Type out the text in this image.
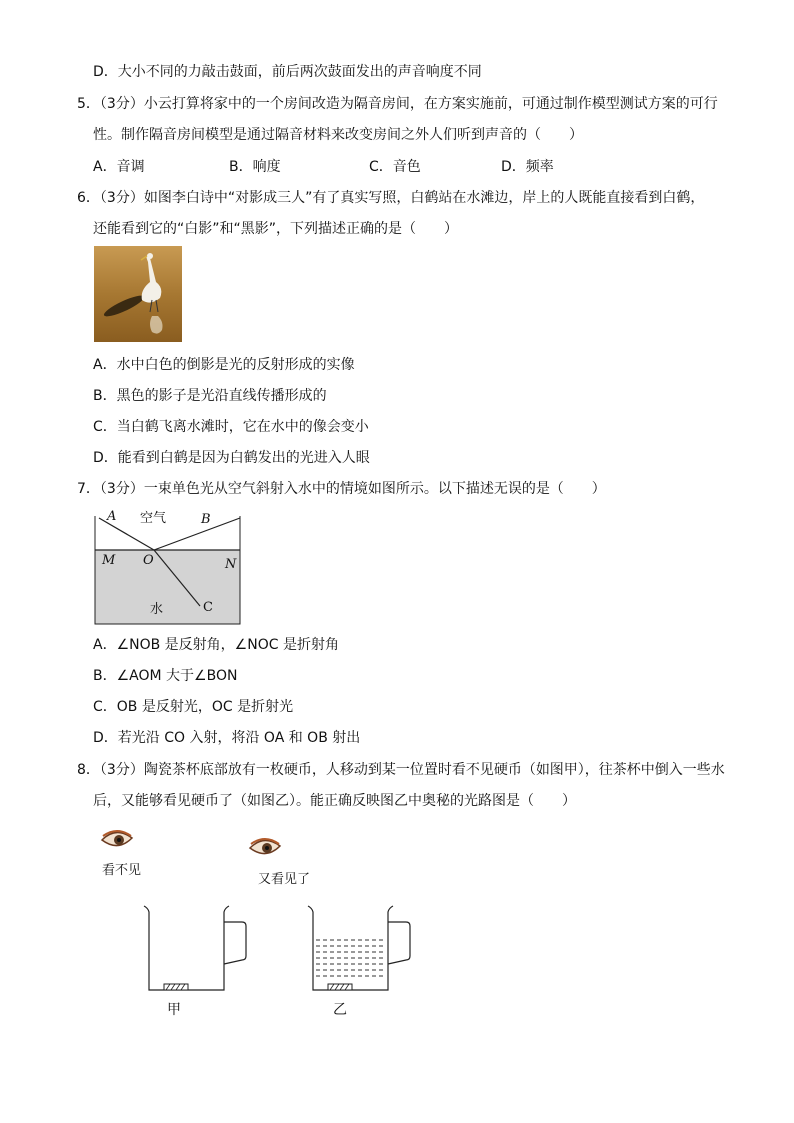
D．大小不同的力敲击鼓面，前后两次鼓面发出的声音响度不同
5．（3分）小云打算将家中的一个房间改造为隔音房间，在方案实施前，可通过制作模型测试方案的可行
性。制作隔音房间模型是通过隔音材料来改变房间之外人们听到声音的（　　）
A．音调	B．响度	C．音色	D．频率
6．（3分）如图李白诗中“对影成三人”有了真实写照，白鹤站在水滩边，岸上的人既能直接看到白鹤，
还能看到它的“白影”和“黑影”，下列描述正确的是（　　）
A．水中白色的倒影是光的反射形成的实像
B．黑色的影子是光沿直线传播形成的
C．当白鹤飞离水滩时，它在水中的像会变小
D．能看到白鹤是因为白鹤发出的光进入人眼
7．（3分）一束单色光从空气斜射入水中的情境如图所示。以下描述无误的是（　　）
A 空气	B
M O	N
水	C
A．∠NOB 是反射角，∠NOC 是折射角
B．∠AOM 大于∠BON
C．OB 是反射光，OC 是折射光
D．若光沿 CO 入射，将沿 OA 和 OB 射出
8．（3分）陶瓷茶杯底部放有一枚硬币，人移动到某一位置时看不见硬币（如图甲），往茶杯中倒入一些水
后，又能够看见硬币了（如图乙）。能正确反映图乙中奥秘的光路图是（　　）
看不见
又看见了
甲	乙
